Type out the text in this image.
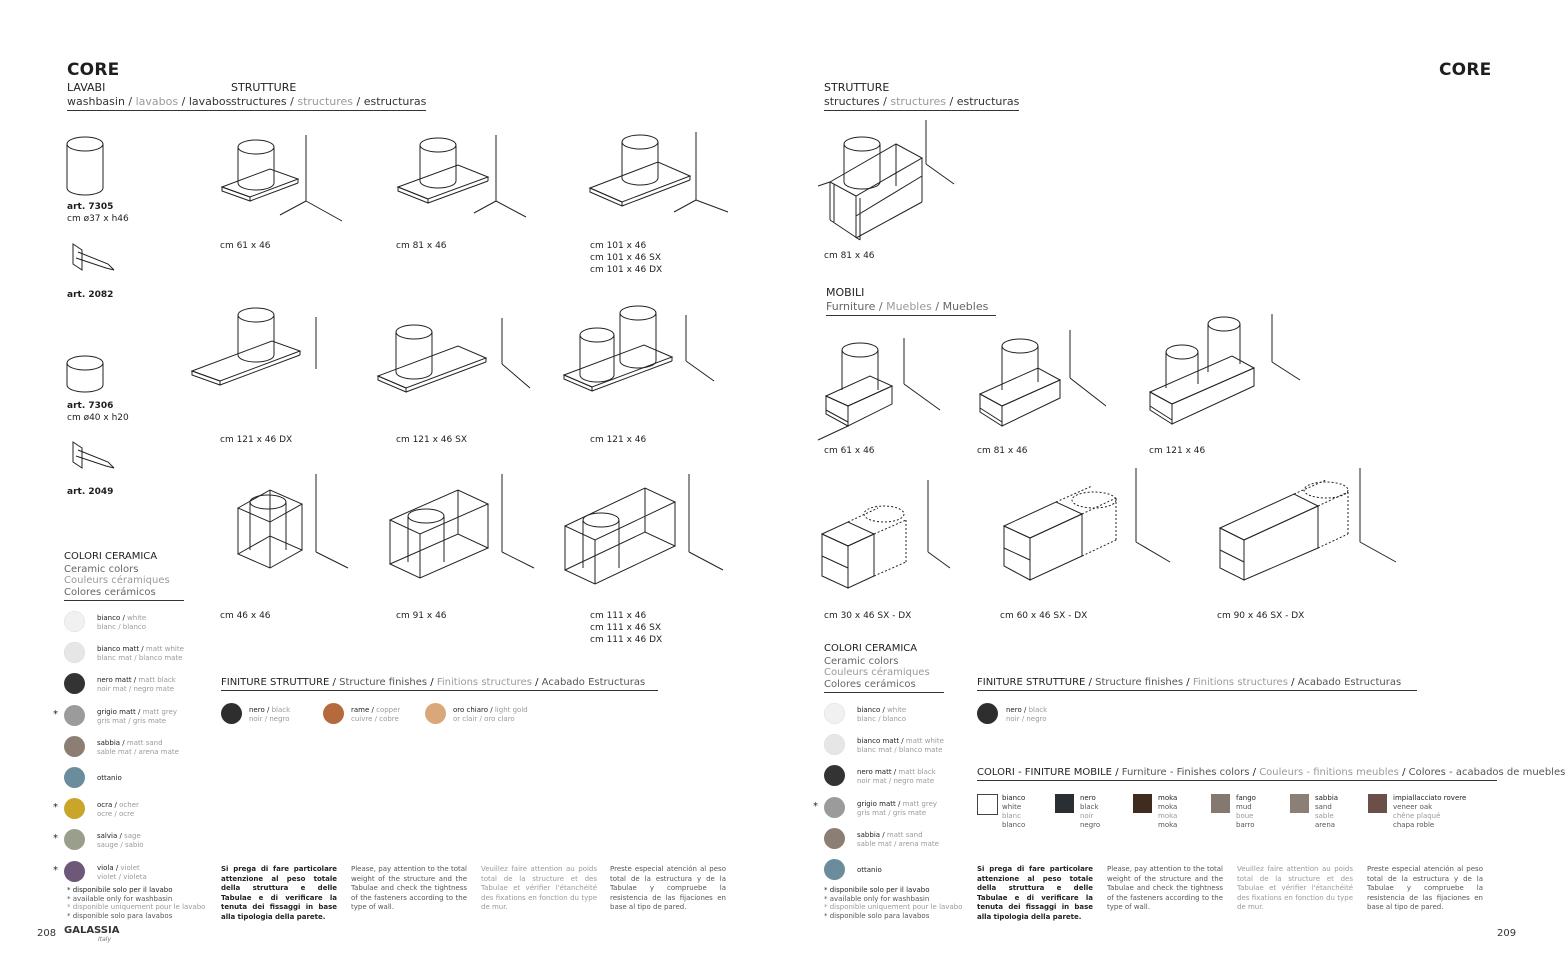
CORE
LAVABI
washbasin / lavabos / lavabos
STRUTTURE
structures / structures / estructuras
art. 7305
cm ø37 x h46
art. 2082
art. 7306
cm ø40 x h20
art. 2049
cm 61 x 46	cm 81 x 46	cm 101 x 46
cm 101 x 46 SX
cm 101 x 46 DX
cm 121 x 46 DX	cm 121 x 46 SX	cm 121 x 46
cm 46 x 46	cm 91 x 46	cm 111 x 46
cm 111 x 46 SX
cm 111 x 46 DX
COLORI CERAMICA
Ceramic colors
Couleurs céramiques
Colores cerámicos
bianco / white
blanc / blanco
bianco matt / matt white
blanc mat / blanco mate
nero matt / matt black
noir mat / negro mate
*	grigio matt / matt grey
gris mat / gris mate
sabbia / matt sand
sable mat / arena mate
ottanio
*	ocra / ocher
ocre / ocre
*	salvia / sage
sauge / sabio
*	viola / violet
violet / violeta
* disponibile solo per il lavabo
* available only for washbasin
* disponible uniquement pour le lavabo
* disponible solo para lavabos
FINITURE STRUTTURE / Structure finishes / Finitions structures / Acabado Estructuras
nero / black
noir / negro
rame / copper
cuivre / cobre
oro chiaro / light gold
or clair / oro claro
Si prega di fare particolare attenzione al peso totale della struttura e delle Tabulae e di verificare la tenuta dei fissaggi in base alla tipologia della parete.
Please, pay attention to the total weight of the structure and the Tabulae and check the tightness of the fasteners according to the type of wall.
Veuillez faire attention au poids total de la structure et des Tabulae et vérifier l'étanchéité des fixations en fonction du type de mur.
Preste especial atención al peso total de la estructura y de la Tabulae y compruebe la resistencia de las fijaciones en base al tipo de pared.
208 GALASSIA
Italy
CORE
STRUTTURE
structures / structures / estructuras
cm 81 x 46
MOBILI
Furniture / Muebles / Muebles
cm 61 x 46	cm 81 x 46	cm 121 x 46
cm 30 x 46 SX - DX	cm 60 x 46 SX - DX	cm 90 x 46 SX - DX
COLORI CERAMICA
Ceramic colors
Couleurs céramiques
Colores cerámicos
bianco / white
blanc / blanco
bianco matt / matt white
blanc mat / blanco mate
nero matt / matt black
noir mat / negro mate
*	grigio matt / matt grey
gris mat / gris mate
sabbia / matt sand
sable mat / arena mate
ottanio
* disponibile solo per il lavabo
* available only for washbasin
* disponible uniquement pour le lavabo
* disponible solo para lavabos
FINITURE STRUTTURE / Structure finishes / Finitions structures / Acabado Estructuras
nero / black
noir / negro
COLORI - FINITURE MOBILE / Furniture - Finishes colors / Couleurs - finitions meubles / Colores - acabados de muebles
bianco
white
blanc
blanco
nero
black
noir
negro
moka
moka
moka
moka
fango
mud
boue
barro
sabbia
sand
sable
arena
impiallacciato rovere
veneer oak
chêne plaqué
chapa roble
Si prega di fare particolare attenzione al peso totale della struttura e delle Tabulae e di verificare la tenuta dei fissaggi in base alla tipologia della parete.
Please, pay attention to the total weight of the structure and the Tabulae and check the tightness of the fasteners according to the type of wall.
Veuillez faire attention au poids total de la structure et des Tabulae et vérifier l'étanchéité des fixations en fonction du type de mur.
Preste especial atención al peso total de la estructura y de la Tabulae y compruebe la resistencia de las fijaciones en base al tipo de pared.
209
